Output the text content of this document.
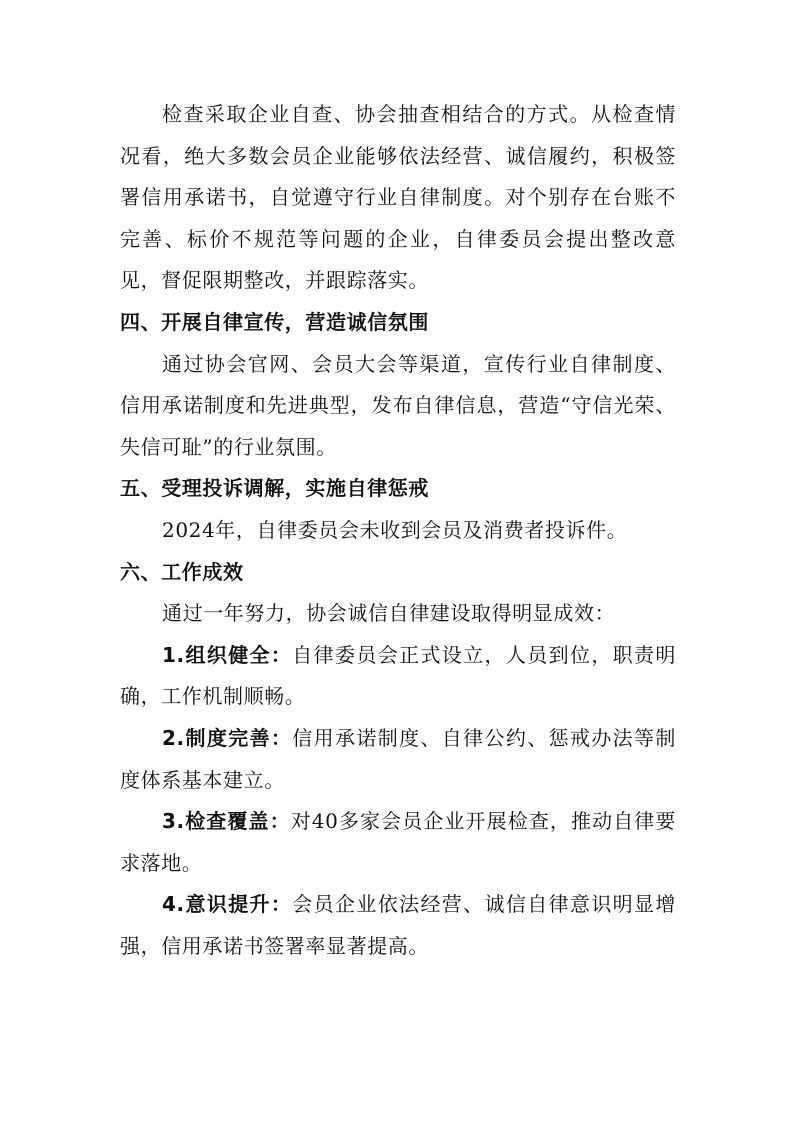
检查采取企业自查、协会抽查相结合的方式。从检查情况看，绝大多数会员企业能够依法经营、诚信履约，积极签署信用承诺书，自觉遵守行业自律制度。对个别存在台账不完善、标价不规范等问题的企业，自律委员会提出整改意见，督促限期整改，并跟踪落实。

四、开展自律宣传，营造诚信氛围

通过协会官网、会员大会等渠道，宣传行业自律制度、信用承诺制度和先进典型，发布自律信息，营造“守信光荣、失信可耻”的行业氛围。

五、受理投诉调解，实施自律惩戒

2024年，自律委员会未收到会员及消费者投诉件。

六、工作成效

通过一年努力，协会诚信自律建设取得明显成效：

1.组织健全：自律委员会正式设立，人员到位，职责明确，工作机制顺畅。

2.制度完善：信用承诺制度、自律公约、惩戒办法等制度体系基本建立。

3.检查覆盖：对40多家会员企业开展检查，推动自律要求落地。

4.意识提升：会员企业依法经营、诚信自律意识明显增强，信用承诺书签署率显著提高。
